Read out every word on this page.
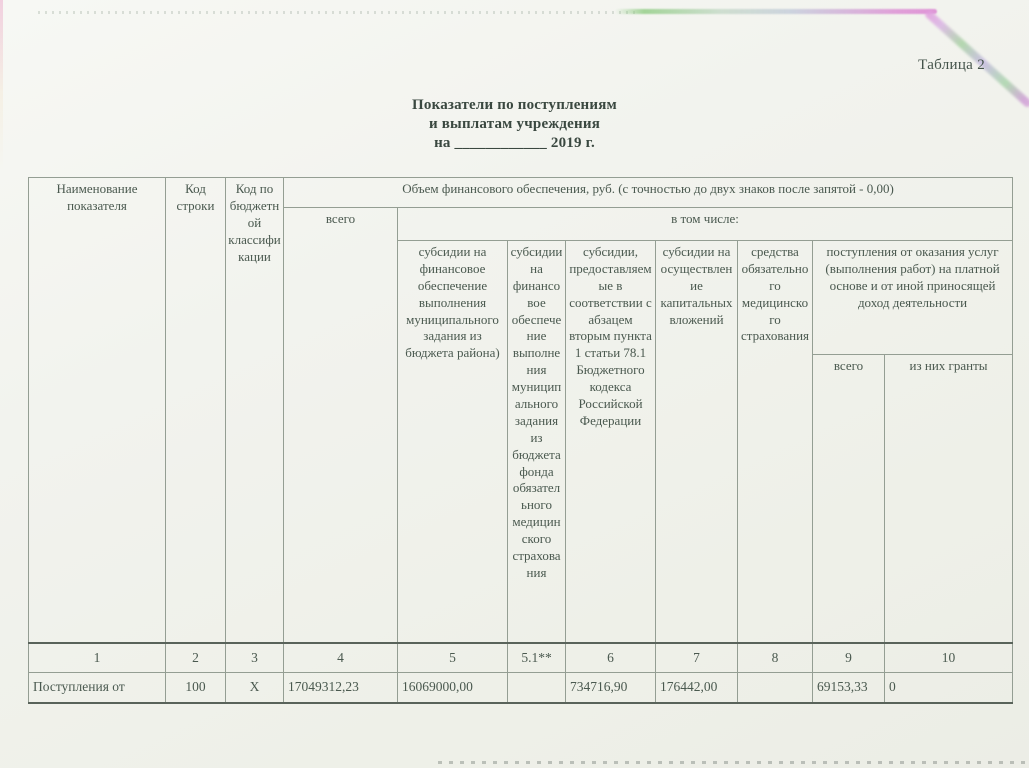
Таблица 2
Показатели по поступлениям
и выплатам учреждения
на ____________ 2019 г.
Наименование показателя	Код строки	Код по бюджетной классификации	Объем финансового обеспечения, руб. (с точностью до двух знаков после запятой - 0,00)							
			всего	в том числе:						
				субсидии на финансовое обеспечение выполнения муниципального задания из бюджета района)	субсидии на финансовое обеспечение выполнения муниципального задания из бюджета фонда обязательного медицинского страхования	субсидии, предоставляемые в соответствии с абзацем вторым пункта 1 статьи 78.1 Бюджетного кодекса Российской Федерации	субсидии на осуществление капитальных вложений	средства обязательного медицинского страхования	поступления от оказания услуг (выполнения работ) на платной основе и от иной приносящей доход деятельности	
									всего	из них гранты
1	2	3	4	5	5.1**	6	7	8	9	10
Поступления от	100	X	17049312,23	16069000,00		734716,90	176442,00		69153,33	0
